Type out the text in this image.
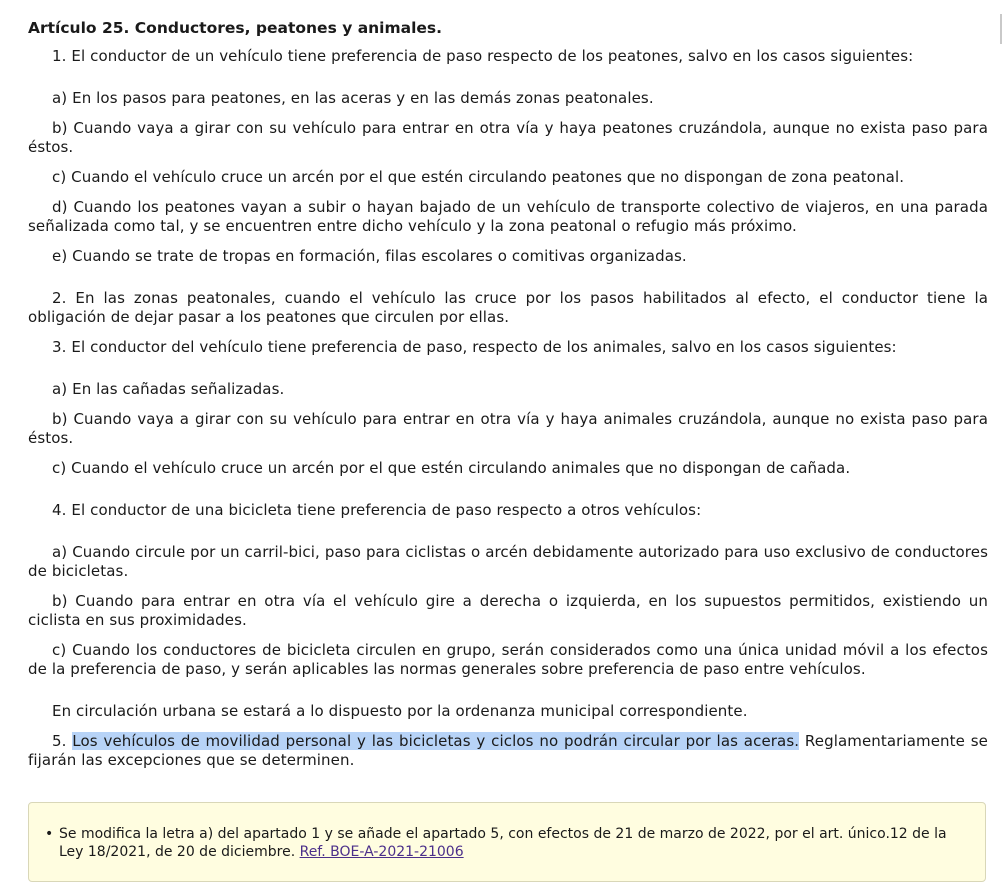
Artículo 25. Conductores, peatones y animales.

1. El conductor de un vehículo tiene preferencia de paso respecto de los peatones, salvo en los casos siguientes:

a) En los pasos para peatones, en las aceras y en las demás zonas peatonales.

b) Cuando vaya a girar con su vehículo para entrar en otra vía y haya peatones cruzándola, aunque no exista paso para éstos.

c) Cuando el vehículo cruce un arcén por el que estén circulando peatones que no dispongan de zona peatonal.

d) Cuando los peatones vayan a subir o hayan bajado de un vehículo de transporte colectivo de viajeros, en una parada señalizada como tal, y se encuentren entre dicho vehículo y la zona peatonal o refugio más próximo.

e) Cuando se trate de tropas en formación, filas escolares o comitivas organizadas.

2. En las zonas peatonales, cuando el vehículo las cruce por los pasos habilitados al efecto, el conductor tiene la obligación de dejar pasar a los peatones que circulen por ellas.

3. El conductor del vehículo tiene preferencia de paso, respecto de los animales, salvo en los casos siguientes:

a) En las cañadas señalizadas.

b) Cuando vaya a girar con su vehículo para entrar en otra vía y haya animales cruzándola, aunque no exista paso para éstos.

c) Cuando el vehículo cruce un arcén por el que estén circulando animales que no dispongan de cañada.

4. El conductor de una bicicleta tiene preferencia de paso respecto a otros vehículos:

a) Cuando circule por un carril-bici, paso para ciclistas o arcén debidamente autorizado para uso exclusivo de conductores de bicicletas.

b) Cuando para entrar en otra vía el vehículo gire a derecha o izquierda, en los supuestos permitidos, existiendo un ciclista en sus proximidades.

c) Cuando los conductores de bicicleta circulen en grupo, serán considerados como una única unidad móvil a los efectos de la preferencia de paso, y serán aplicables las normas generales sobre preferencia de paso entre vehículos.

En circulación urbana se estará a lo dispuesto por la ordenanza municipal correspondiente.

5. Los vehículos de movilidad personal y las bicicletas y ciclos no podrán circular por las aceras. Reglamentariamente se fijarán las excepciones que se determinen.

• Se modifica la letra a) del apartado 1 y se añade el apartado 5, con efectos de 21 de marzo de 2022, por el art. único.12 de la Ley 18/2021, de 20 de diciembre. Ref. BOE-A-2021-21006
